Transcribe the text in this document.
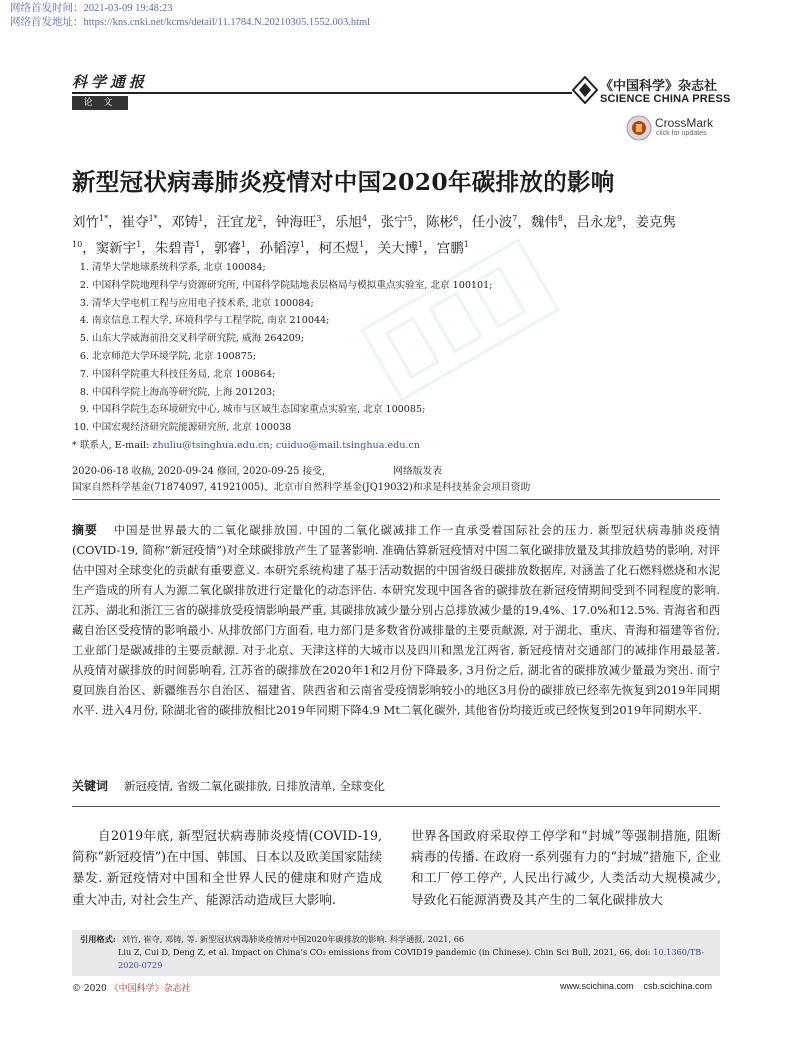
网络首发时间：2021-03-09 19:48:23
网络首发地址：https://kns.cnki.net/kcms/detail/11.1784.N.20210305.1552.003.html
科学通报
论 文
《中国科学》杂志社
SCIENCE CHINA PRESS
CrossMark
click for updates
新型冠状病毒肺炎疫情对中国2020年碳排放的影响
刘竹$^{1*}$，崔夺$^{1*}$，邓铸$^1$，汪宜龙$^2$，钟海旺$^3$，乐旭$^4$，张宁$^5$，陈彬$^6$，任小波$^7$，魏伟$^8$，吕永龙$^9$，姜克隽$^{10}$，窦新宇$^1$，朱碧青$^1$，郭睿$^1$，孙韬淳$^1$，柯丕煜$^1$，关大博$^1$，宫鹏$^1$
1. 清华大学地球系统科学系, 北京 100084;
2. 中国科学院地理科学与资源研究所, 中国科学院陆地表层格局与模拟重点实验室, 北京 100101;
3. 清华大学电机工程与应用电子技术系, 北京 100084;
4. 南京信息工程大学, 环境科学与工程学院, 南京 210044;
5. 山东大学威海前沿交叉科学研究院, 威海 264209;
6. 北京师范大学环境学院, 北京 100875;
7. 中国科学院重大科技任务局, 北京 100864;
8. 中国科学院上海高等研究院, 上海 201203;
9. 中国科学院生态环境研究中心, 城市与区域生态国家重点实验室, 北京 100085;
10. 中国宏观经济研究院能源研究所, 北京 100038
* 联系人, E-mail: zhuliu@tsinghua.edu.cn; cuiduo@mail.tsinghua.edu.cn
2020-06-18 收稿, 2020-09-24 修回, 2020-09-25 接受,	网络版发表
国家自然科学基金(71874097, 41921005)、北京市自然科学基金(JQ19032)和求是科技基金会项目资助
摘要 中国是世界最大的二氧化碳排放国. 中国的二氧化碳减排工作一直承受着国际社会的压力. 新型冠状病毒肺炎疫情(COVID-19, 简称“新冠疫情”)对全球碳排放产生了显著影响. 准确估算新冠疫情对中国二氧化碳排放量及其排放趋势的影响, 对评估中国对全球变化的贡献有重要意义. 本研究系统构建了基于活动数据的中国省级日碳排放数据库, 对涵盖了化石燃料燃烧和水泥生产造成的所有人为源二氧化碳排放进行定量化的动态评估. 本研究发现中国各省的碳排放在新冠疫情期间受到不同程度的影响. 江苏、湖北和浙江三省的碳排放受疫情影响最严重, 其碳排放减少量分别占总排放减少量的19.4%、17.0%和12.5%. 青海省和西藏自治区受疫情的影响最小. 从排放部门方面看, 电力部门是多数省份减排量的主要贡献源, 对于湖北、重庆、青海和福建等省份, 工业部门是碳减排的主要贡献源. 对于北京、天津这样的大城市以及四川和黑龙江两省, 新冠疫情对交通部门的减排作用最显著. 从疫情对碳排放的时间影响看, 江苏省的碳排放在2020年1和2月份下降最多, 3月份之后, 湖北省的碳排放减少量最为突出. 而宁夏回族自治区、新疆维吾尔自治区、福建省、陕西省和云南省受疫情影响较小的地区3月份的碳排放已经率先恢复到2019年同期水平. 进入4月份, 除湖北省的碳排放相比2019年同期下降4.9 Mt二氧化碳外, 其他省份均接近或已经恢复到2019年同期水平.
关键词 新冠疫情, 省级二氧化碳排放, 日排放清单, 全球变化
自2019年底, 新型冠状病毒肺炎疫情(COVID-19, 简称“新冠疫情”)在中国、韩国、日本以及欧美国家陆续暴发. 新冠疫情对中国和全世界人民的健康和财产造成重大冲击, 对社会生产、能源活动造成巨大影响.
世界各国政府采取停工停学和“封城”等强制措施, 阻断病毒的传播. 在政府一系列强有力的“封城”措施下, 企业和工厂停工停产, 人民出行减少, 人类活动大规模减少, 导致化石能源消费及其产生的二氧化碳排放大
引用格式: 刘竹, 崔夺, 邓铸, 等. 新型冠状病毒肺炎疫情对中国2020年碳排放的影响. 科学通报, 2021, 66
Liu Z, Cui D, Deng Z, et al. Impact on China’s CO₂ emissions from COVID19 pandemic (in Chinese). Chin Sci Bull, 2021, 66, doi: 10.1360/TB-2020-0729
© 2020 《中国科学》杂志社	www.scichina.com    csb.scichina.com
